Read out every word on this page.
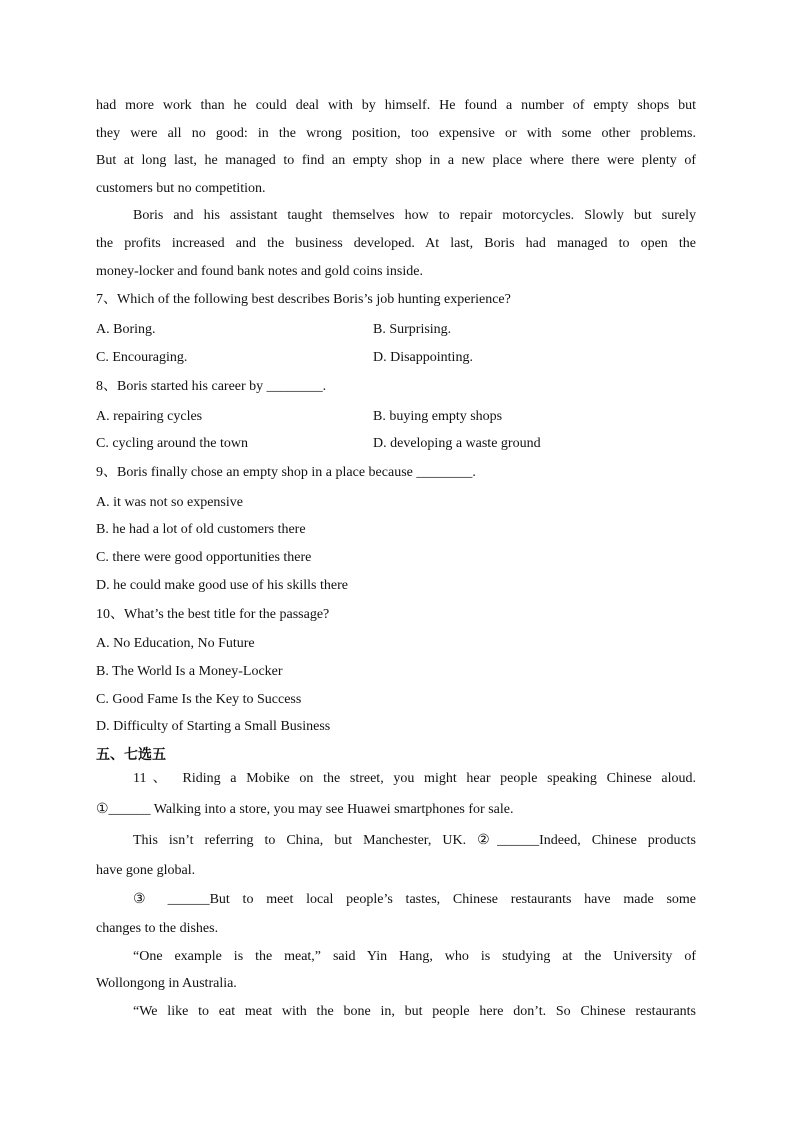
had more work than he could deal with by himself. He found a number of empty shops but
they were all no good: in the wrong position, too expensive or with some other problems.
But at long last, he managed to find an empty shop in a new place where there were plenty of
customers but no competition.
Boris and his assistant taught themselves how to repair motorcycles. Slowly but surely
the profits increased and the business developed. At last, Boris had managed to open the
money-locker and found bank notes and gold coins inside.
7、Which of the following best describes Boris’s job hunting experience?
A. Boring.	B. Surprising.
C. Encouraging.	D. Disappointing.
8、Boris started his career by ________.
A. repairing cycles	B. buying empty shops
C. cycling around the town	D. developing a waste ground
9、Boris finally chose an empty shop in a place because ________.
A. it was not so expensive
B. he had a lot of old customers there
C. there were good opportunities there
D. he could make good use of his skills there
10、What’s the best title for the passage?
A. No Education, No Future
B. The World Is a Money-Locker
C. Good Fame Is the Key to Success
D. Difficulty of Starting a Small Business
五、七选五
11、 Riding a Mobike on the street, you might hear people speaking Chinese aloud.
①______ Walking into a store, you may see Huawei smartphones for sale.
This isn’t referring to China, but Manchester, UK. ②______Indeed, Chinese products
have gone global.
③ ______But to meet local people’s tastes, Chinese restaurants have made some
changes to the dishes.
“One example is the meat,” said Yin Hang, who is studying at the University of
Wollongong in Australia.
“We like to eat meat with the bone in, but people here don’t. So Chinese restaurants
